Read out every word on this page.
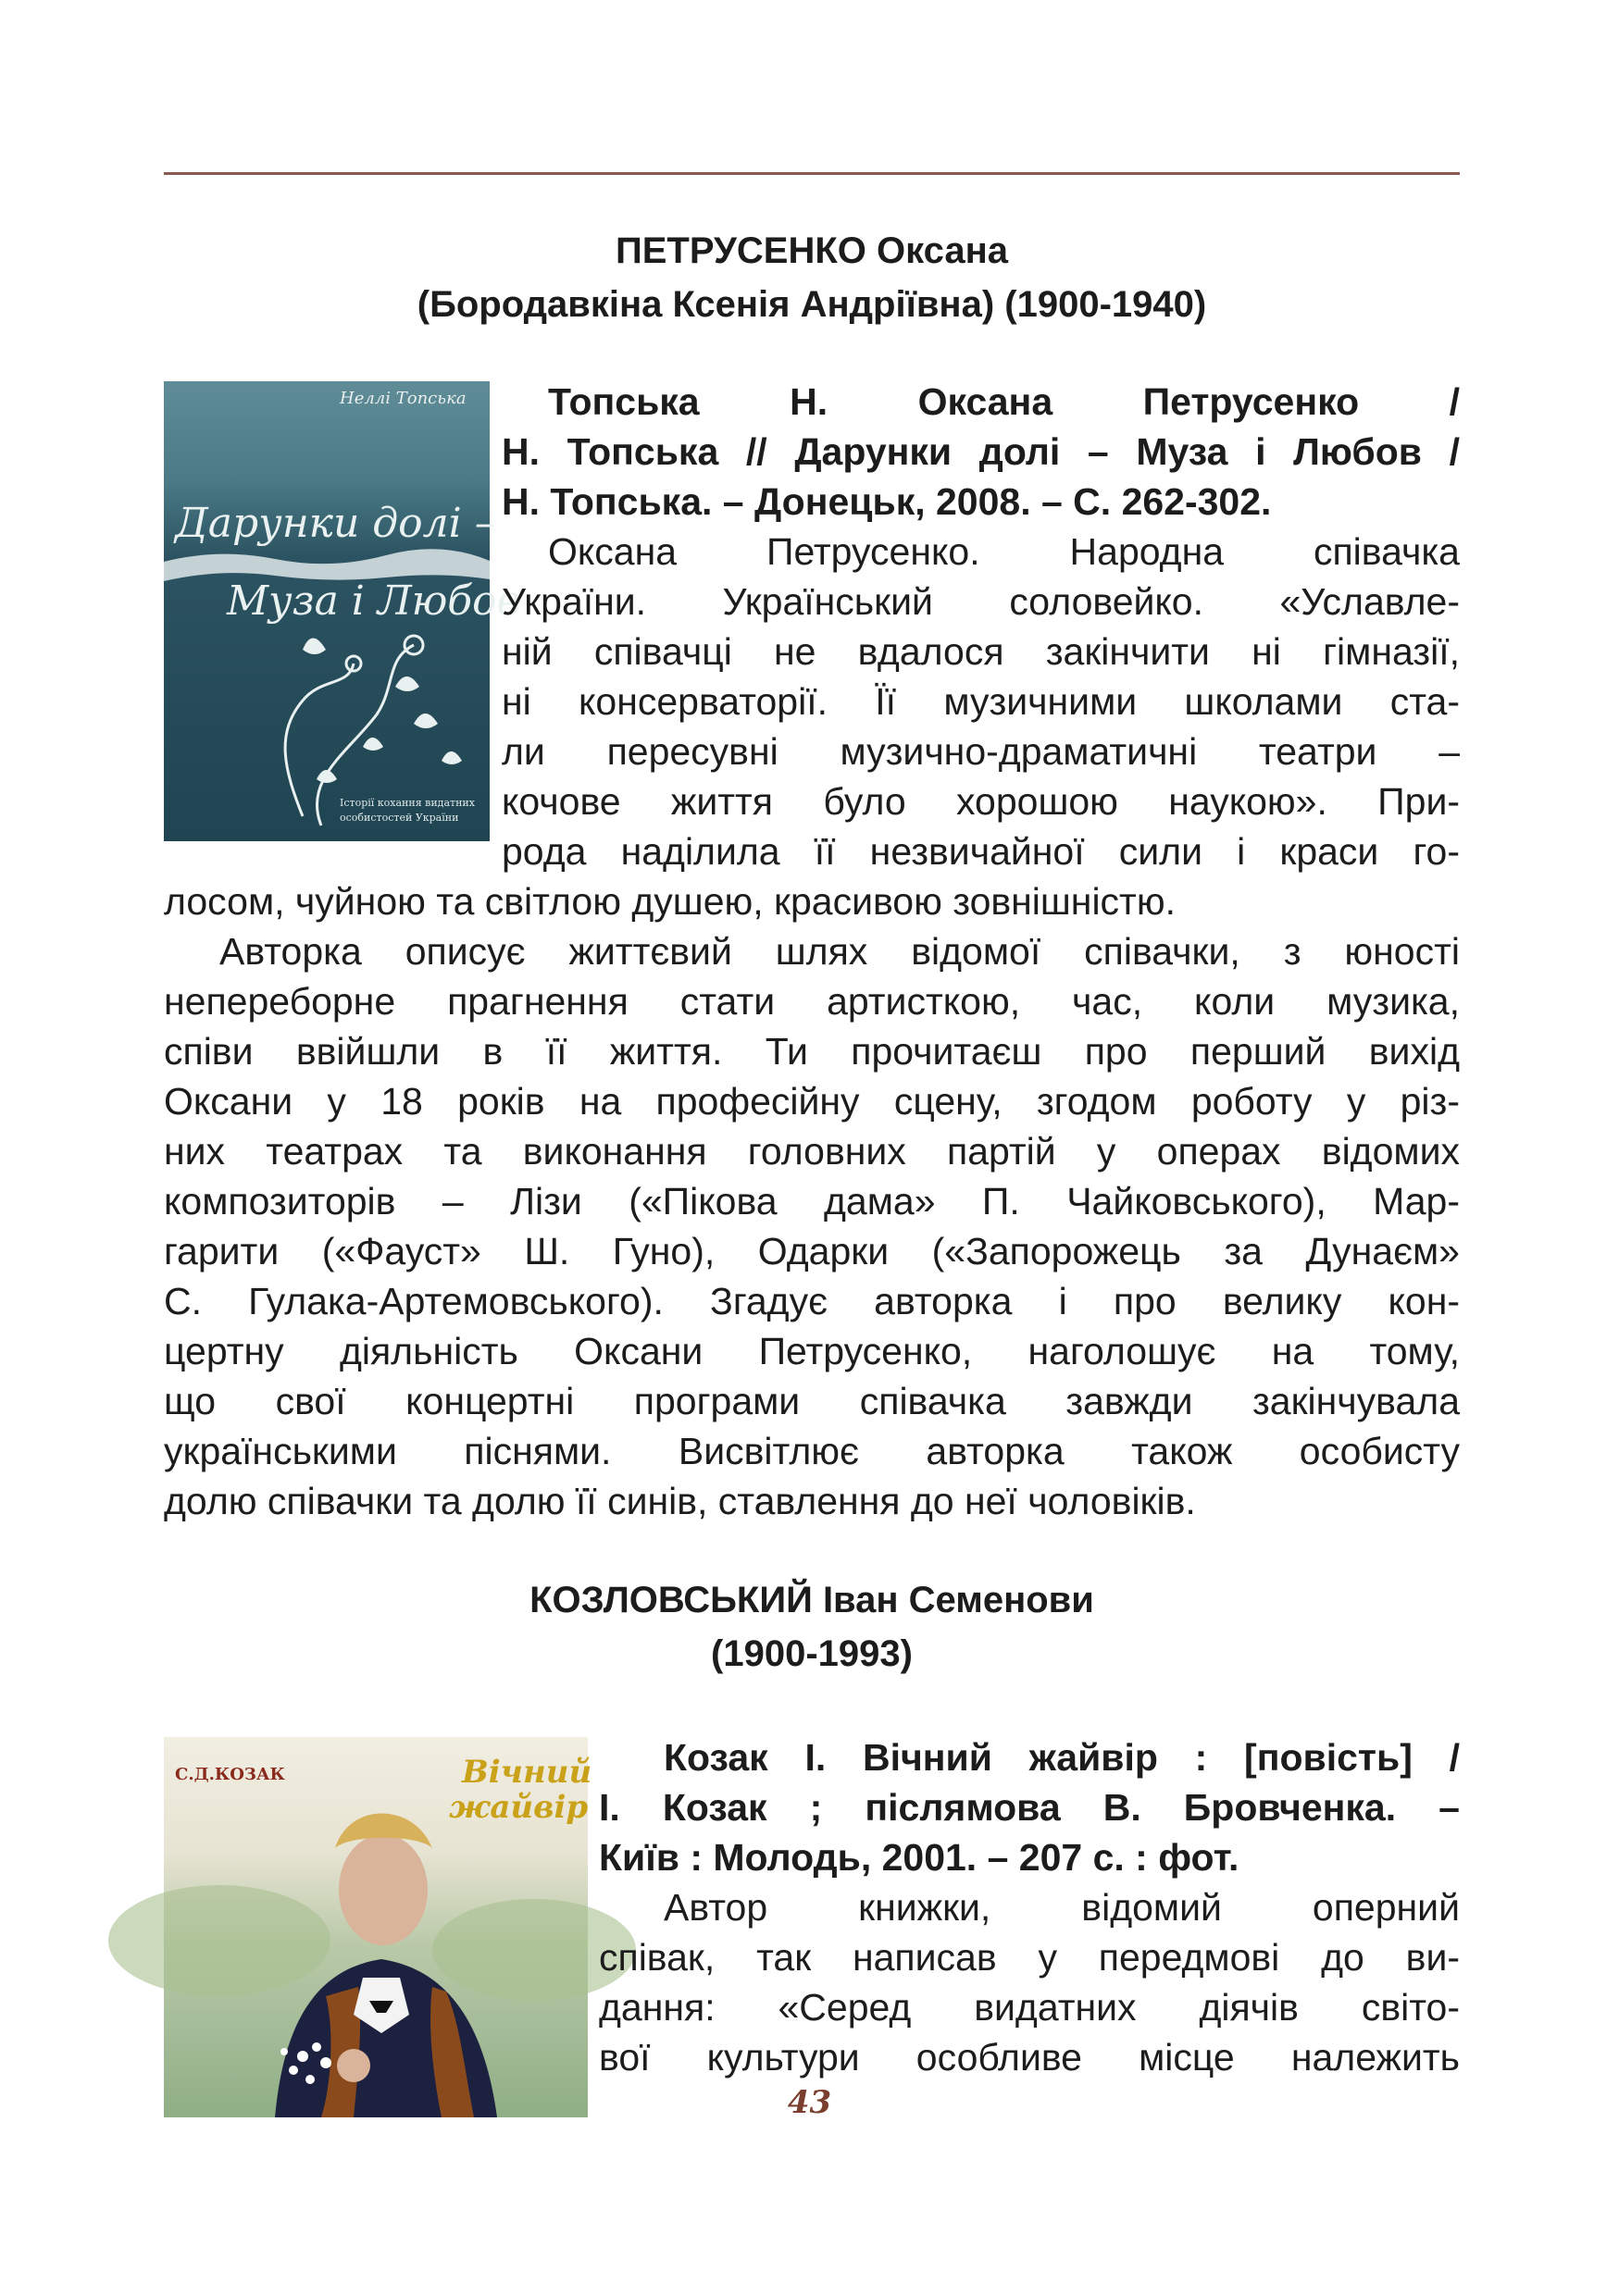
ПЕТРУСЕНКО Оксана
(Бородавкіна Ксенія Андріївна) (1900-1940)
Неллі Топська
Дарунки долі –
Муза і Любов
Історії кохання видатних
особистостей України
Топська Н. Оксана Петрусенко /
Н. Топська // Дарунки долі – Муза і Любов /
Н. Топська. – Донецьк, 2008. – С. 262-302.
Оксана Петрусенко. Народна співачка
України. Український соловейко. «Уславле-
ній співачці не вдалося закінчити ні гімназії,
ні консерваторії. Її музичними школами ста-
ли пересувні музично-драматичні театри –
кочове життя було хорошою наукою». При-
рода наділила її незвичайної сили і краси го-
лосом, чуйною та світлою душею, красивою зовнішністю.
Авторка описує життєвий шлях відомої співачки, з юності
непереборне прагнення стати артисткою, час, коли музика,
співи ввійшли в її життя. Ти прочитаєш про перший вихід
Оксани у 18 років на професійну сцену, згодом роботу у різ-
них театрах та виконання головних партій у операх відомих
композиторів – Лізи («Пікова дама» П. Чайковського), Мар-
гарити («Фауст» Ш. Гуно), Одарки («Запорожець за Дунаєм»
С. Гулака-Артемовського). Згадує авторка і про велику кон-
цертну діяльність Оксани Петрусенко, наголошує на тому,
що свої концертні програми співачка завжди закінчувала
українськими піснями. Висвітлює авторка також особисту
долю співачки та долю її синів, ставлення до неї чоловіків.
КОЗЛОВСЬКИЙ Іван Семенови
(1900-1993)
С.Д.КОЗАК	Вічний
жайвір
Козак І. Вічний жайвір : [повість] /
І. Козак ; післямова В. Бровченка. –
Київ : Молодь, 2001. – 207 с. : фот.
Автор книжки, відомий оперний
співак, так написав у передмові до ви-
дання: «Серед видатних діячів світо-
вої культури особливе місце належить
43
